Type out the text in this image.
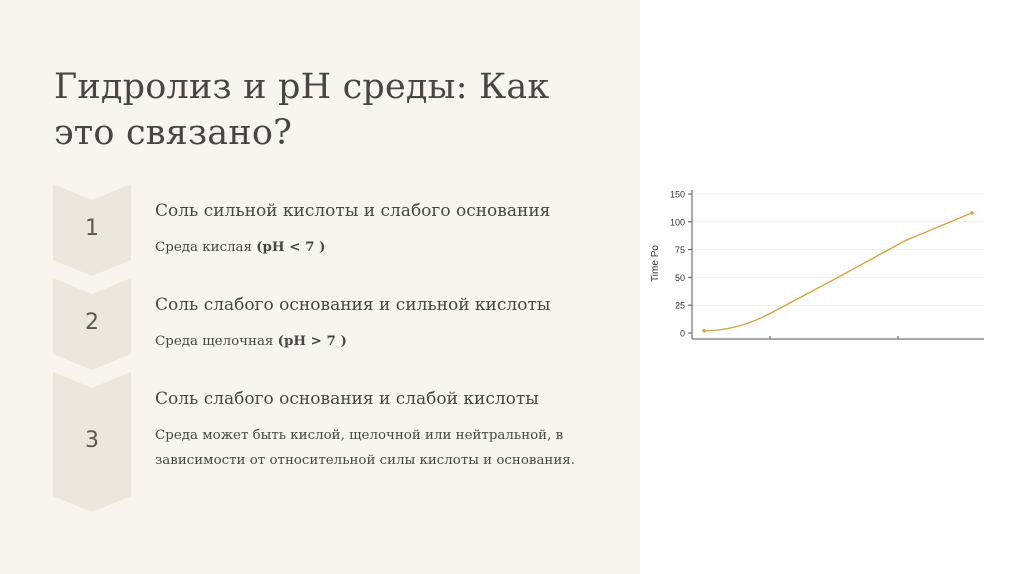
Гидролиз и pH среды: Как это связано?
1
Соль сильной кислоты и слабого основания
Среда кислая (pH < 7 )
2
Соль слабого основания и сильной кислоты
Среда щелочная (pH > 7 )
3
Соль слабого основания и слабой кислоты
Среда может быть кислой, щелочной или нейтральной, в зависимости от относительной силы кислоты и основания.
0
25
50
75
100
150
Time Po
